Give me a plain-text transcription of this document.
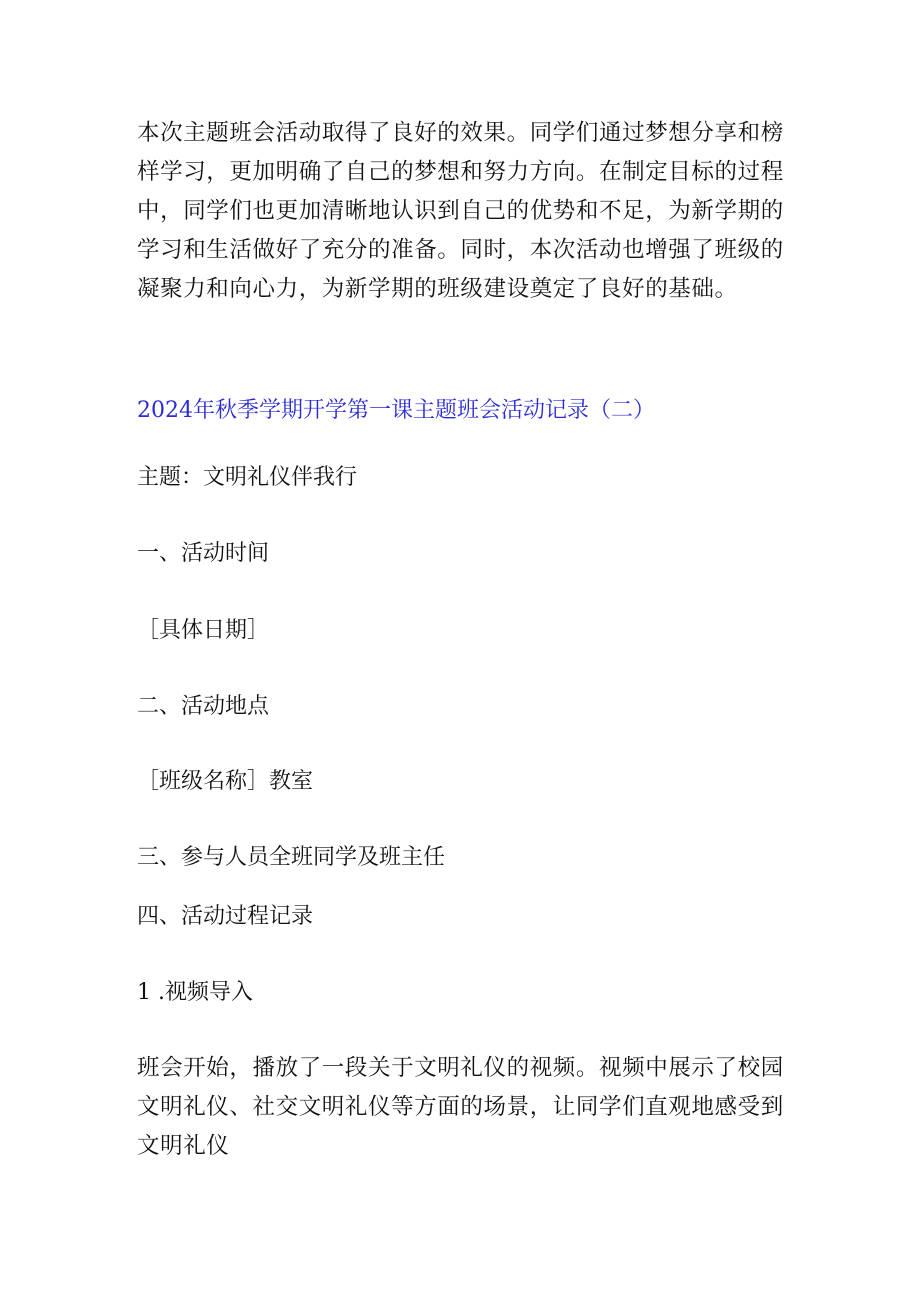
本次主题班会活动取得了良好的效果。同学们通过梦想分享和榜样学习，更加明确了自己的梦想和努力方向。在制定目标的过程中，同学们也更加清晰地认识到自己的优势和不足，为新学期的学习和生活做好了充分的准备。同时，本次活动也增强了班级的凝聚力和向心力，为新学期的班级建设奠定了良好的基础。

2024年秋季学期开学第一课主题班会活动记录（二）

主题：文明礼仪伴我行

一、活动时间

［具体日期］

二、活动地点

［班级名称］教室

三、参与人员全班同学及班主任

四、活动过程记录

1 .视频导入

班会开始，播放了一段关于文明礼仪的视频。视频中展示了校园文明礼仪、社交文明礼仪等方面的场景，让同学们直观地感受到文明礼仪
